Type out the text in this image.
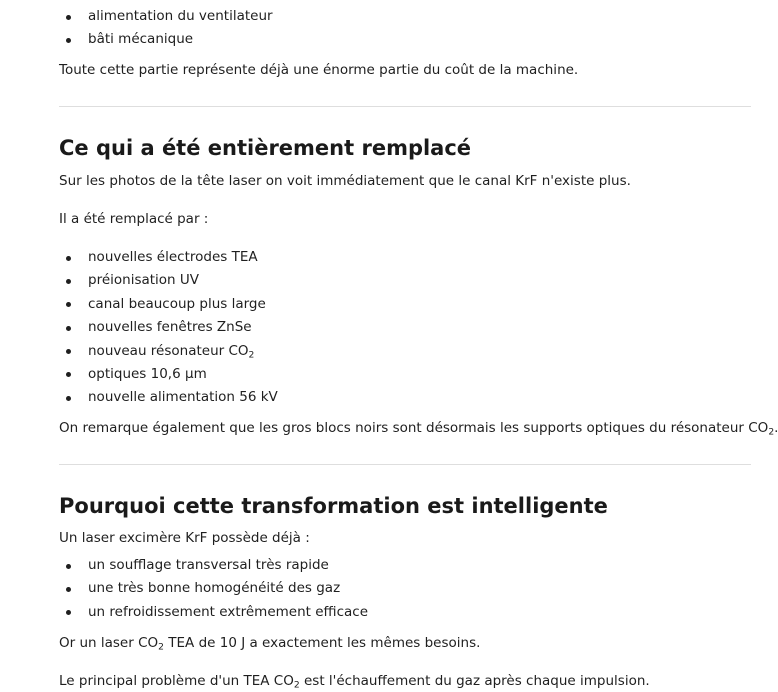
alimentation du ventilateur
bâti mécanique

Toute cette partie représente déjà une énorme partie du coût de la machine.

Ce qui a été entièrement remplacé

Sur les photos de la tête laser on voit immédiatement que le canal KrF n'existe plus.

Il a été remplacé par :

nouvelles électrodes TEA
préionisation UV
canal beaucoup plus large
nouvelles fenêtres ZnSe
nouveau résonateur $CO_2$
optiques 10,6 µm
nouvelle alimentation 56 kV

On remarque également que les gros blocs noirs sont désormais les supports optiques du résonateur $CO_2$

Pourquoi cette transformation est intelligente

Un laser excimère KrF possède déjà :

un soufflage transversal très rapide
une très bonne homogénéité des gaz
un refroidissement extrêmement efficace

Or un laser $CO_2$ TEA de 10 J a exactement les mêmes besoins.

Le principal problème d'un TEA $CO_2$ est l'échauffement du gaz après chaque impulsion.
